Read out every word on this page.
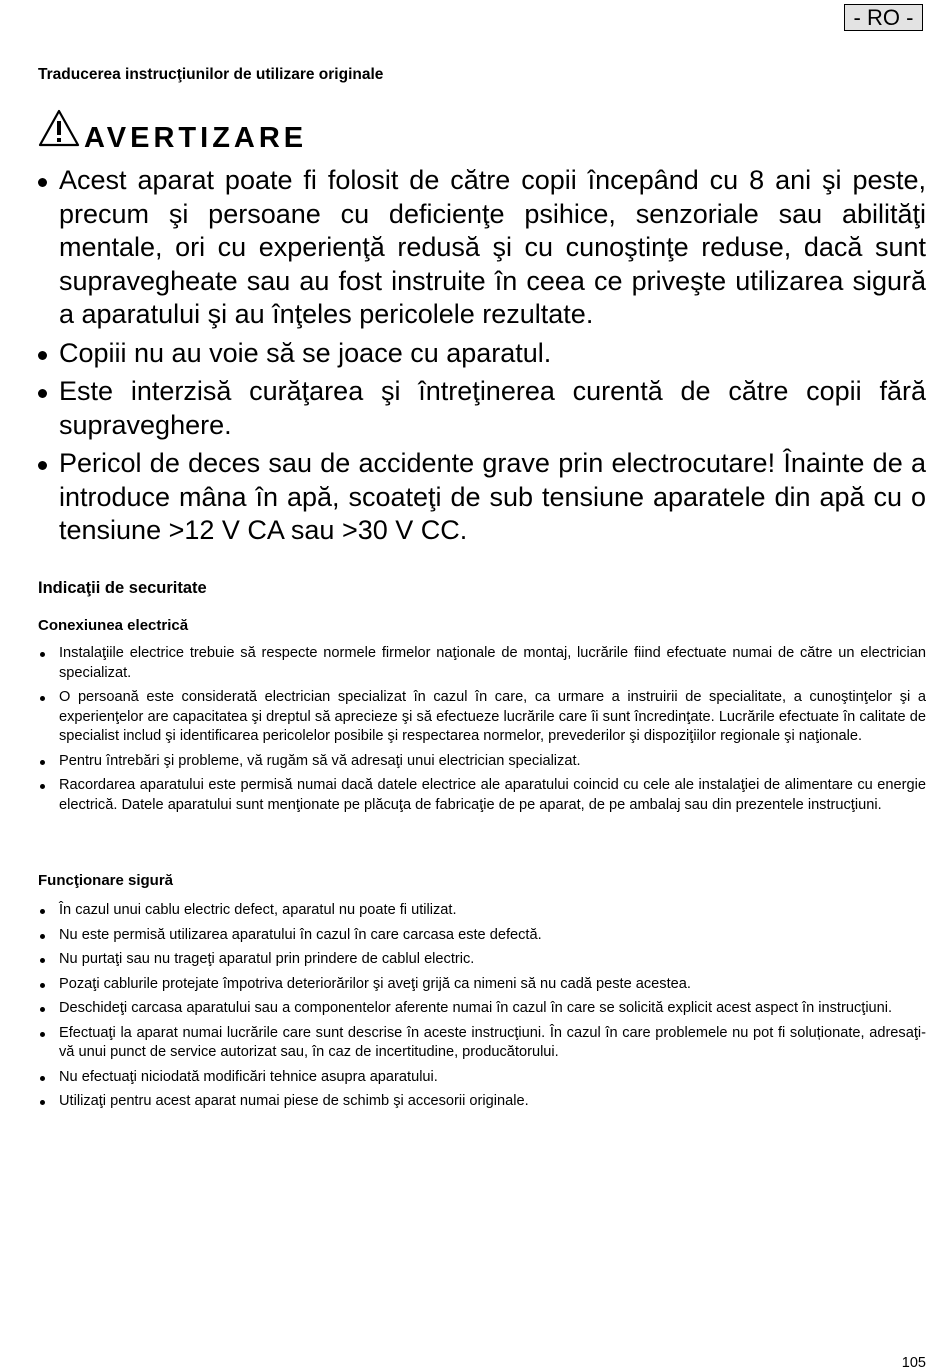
- RO -
Traducerea instrucţiunilor de utilizare originale
AVERTIZARE
Acest aparat poate fi folosit de către copii începând cu 8 ani şi peste, precum şi persoane cu deficienţe psihice, senzoriale sau abilităţi mentale, ori cu experienţă redusă şi cu cunoştinţe reduse, dacă sunt supravegheate sau au fost instruite în ceea ce priveşte utilizarea sigură a aparatului şi au înţeles pericolele rezultate.
Copiii nu au voie să se joace cu aparatul.
Este interzisă curăţarea şi întreţinerea curentă de către copii fără supraveghere.
Pericol de deces sau de accidente grave prin electrocutare! Înainte de a introduce mâna în apă, scoateţi de sub tensiune aparatele din apă cu o tensiune >12 V CA sau >30 V CC.
Indicaţii de securitate
Conexiunea electrică
Instalaţiile electrice trebuie să respecte normele firmelor naţionale de montaj, lucrările fiind efectuate numai de către un electrician specializat.
O persoană este considerată electrician specializat în cazul în care, ca urmare a instruirii de specialitate, a cunoştinţelor şi a experienţelor are capacitatea şi dreptul să aprecieze şi să efectueze lucrările care îi sunt încredinţate. Lucrările efectuate în calitate de specialist includ şi identificarea pericolelor posibile şi respectarea normelor, prevederilor şi dispoziţiilor regionale şi naţionale.
Pentru întrebări şi probleme, vă rugăm să vă adresaţi unui electrician specializat.
Racordarea aparatului este permisă numai dacă datele electrice ale aparatului coincid cu cele ale instalaţiei de alimentare cu energie electrică. Datele aparatului sunt menţionate pe plăcuţa de fabricaţie de pe aparat, de pe ambalaj sau din prezentele instrucţiuni.
Funcţionare sigură
În cazul unui cablu electric defect, aparatul nu poate fi utilizat.
Nu este permisă utilizarea aparatului în cazul în care carcasa este defectă.
Nu purtaţi sau nu trageţi aparatul prin prindere de cablul electric.
Pozaţi cablurile protejate împotriva deteriorărilor şi aveţi grijă ca nimeni să nu cadă peste acestea.
Deschideţi carcasa aparatului sau a componentelor aferente numai în cazul în care se solicită explicit acest aspect în instrucţiuni.
Efectuaţi la aparat numai lucrările care sunt descrise în aceste instrucţiuni. În cazul în care problemele nu pot fi soluționate, adresaţi-vă unui punct de service autorizat sau, în caz de incertitudine, producătorului.
Nu efectuaţi niciodată modificări tehnice asupra aparatului.
Utilizaţi pentru acest aparat numai piese de schimb şi accesorii originale.
105
